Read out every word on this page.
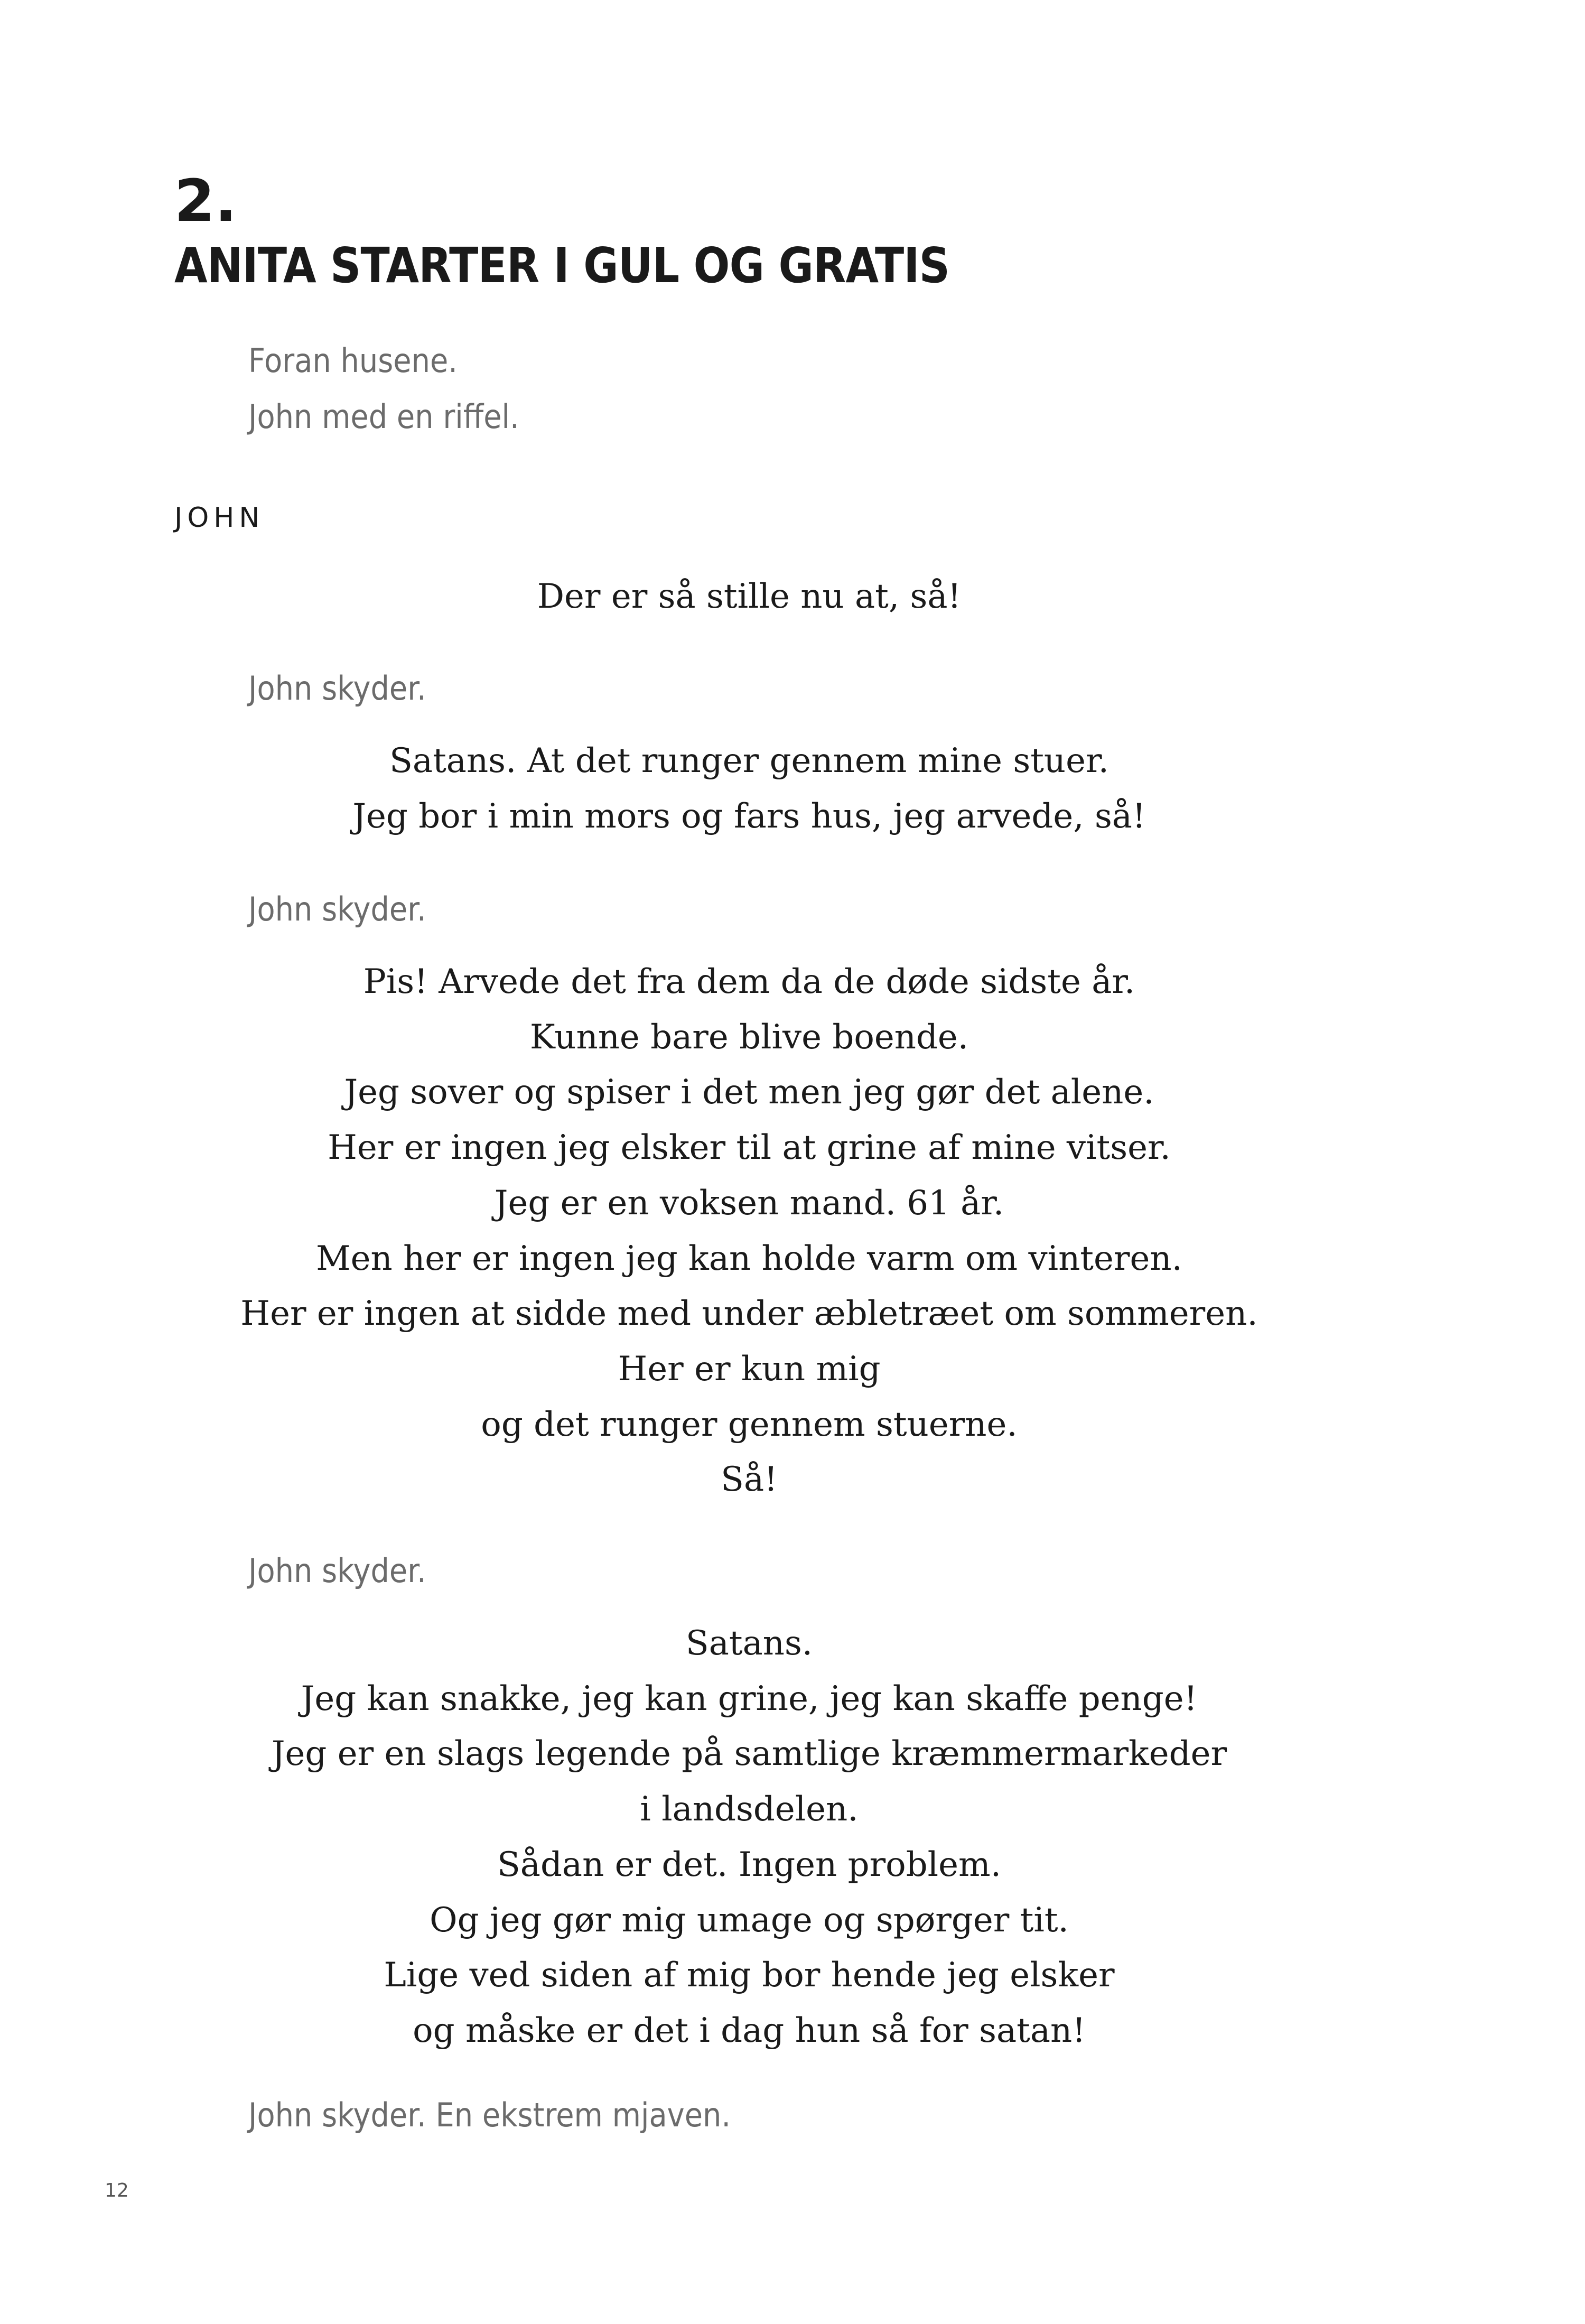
2.
ANITA STARTER I GUL OG GRATIS

Foran husene.

John med en riffel.

JOHN

Der er så stille nu at, så!

John skyder.

Satans. At det runger gennem mine stuer.
Jeg bor i min mors og fars hus, jeg arvede, så!

John skyder.

Pis! Arvede det fra dem da de døde sidste år.
Kunne bare blive boende.
Jeg sover og spiser i det men jeg gør det alene.
Her er ingen jeg elsker til at grine af mine vitser.
Jeg er en voksen mand. 61 år.
Men her er ingen jeg kan holde varm om vinteren.
Her er ingen at sidde med under æbletræet om sommeren.
Her er kun mig
og det runger gennem stuerne.
Så!

John skyder.

Satans.
Jeg kan snakke, jeg kan grine, jeg kan skaffe penge!
Jeg er en slags legende på samtlige kræmmermarkeder
i landsdelen.
Sådan er det. Ingen problem.
Og jeg gør mig umage og spørger tit.
Lige ved siden af mig bor hende jeg elsker
og måske er det i dag hun så for satan!

John skyder. En ekstrem mjaven.

12
